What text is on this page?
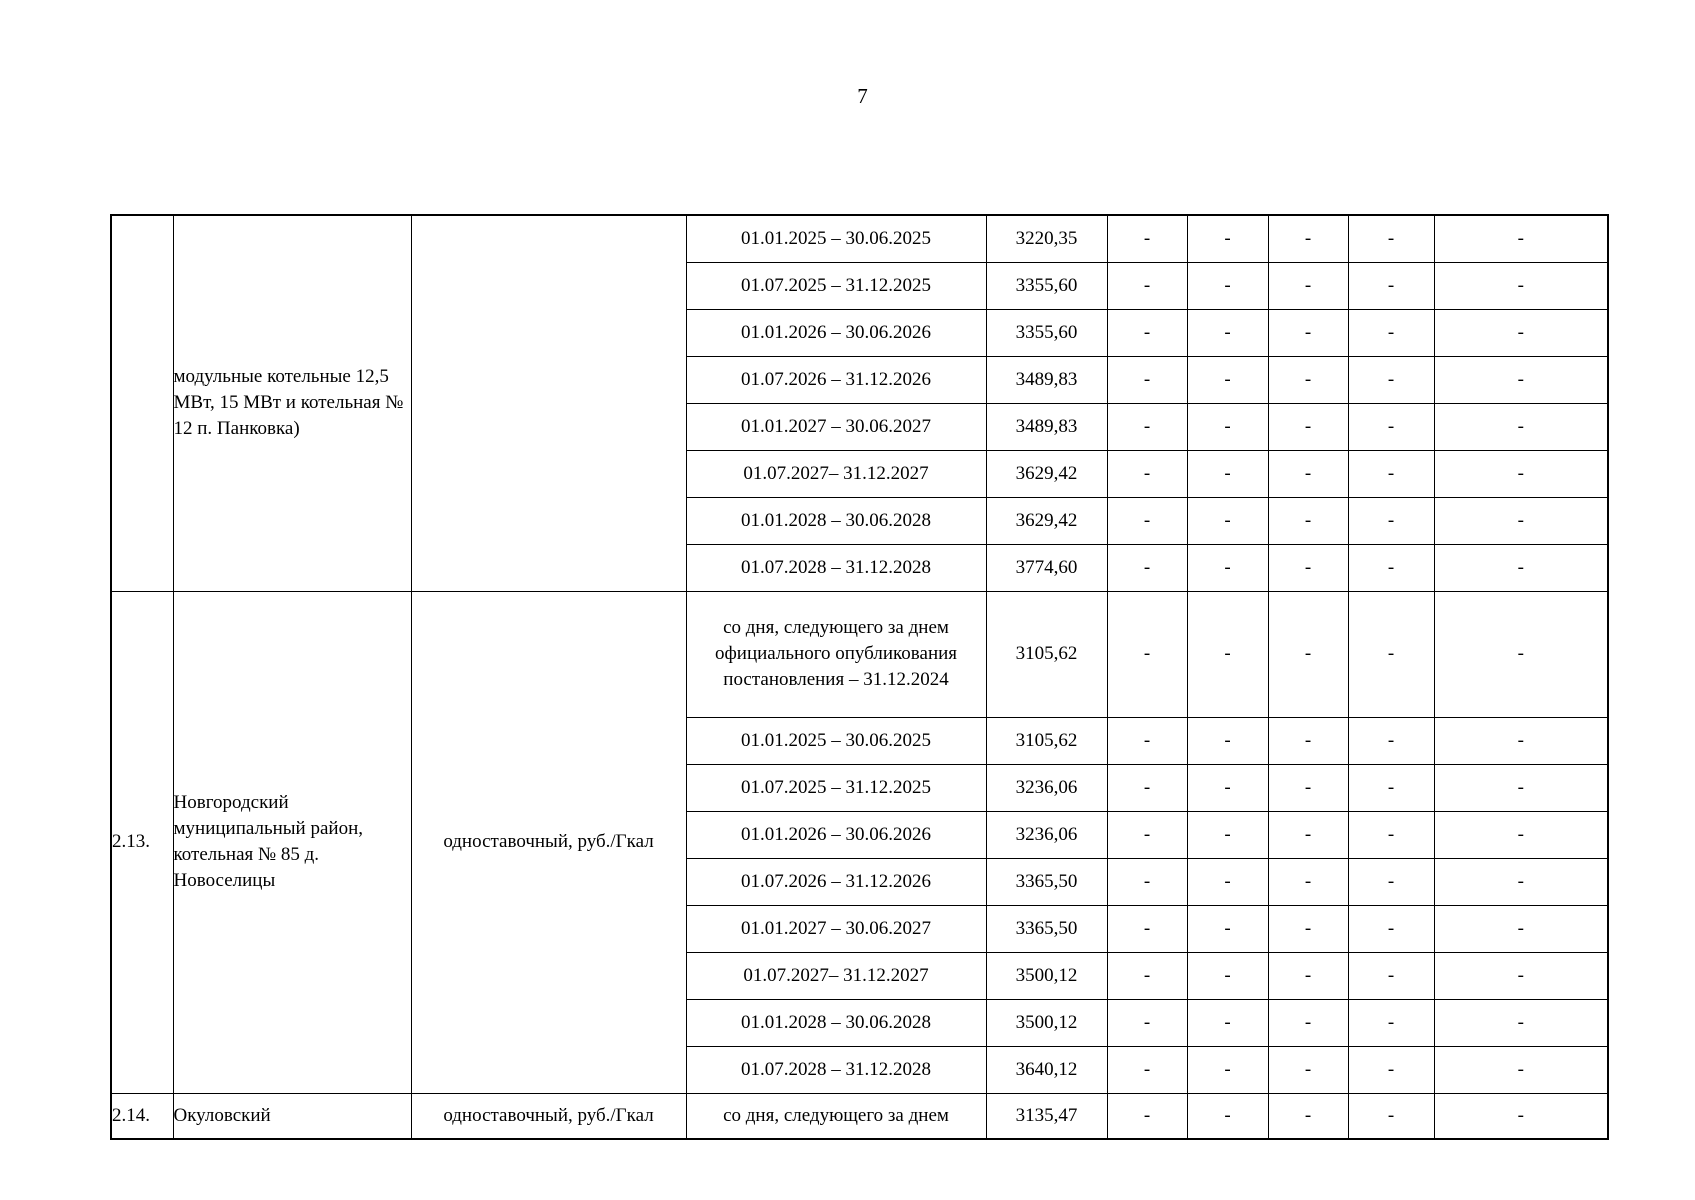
7
	модульные котельные 12,5 МВт, 15 МВт и котельная № 12 п. Панковка)		01.01.2025 – 30.06.2025	3220,35	-	-	-	-	-
			01.07.2025 – 31.12.2025	3355,60	-	-	-	-	-
			01.01.2026 – 30.06.2026	3355,60	-	-	-	-	-
			01.07.2026 – 31.12.2026	3489,83	-	-	-	-	-
			01.01.2027 – 30.06.2027	3489,83	-	-	-	-	-
			01.07.2027– 31.12.2027	3629,42	-	-	-	-	-
			01.01.2028 – 30.06.2028	3629,42	-	-	-	-	-
			01.07.2028 – 31.12.2028	3774,60	-	-	-	-	-
2.13.	Новгородский муниципальный район, котельная № 85 д. Новоселицы	одноставочный, руб./Гкал	со дня, следующего за днем официального опубликования постановления – 31.12.2024	3105,62	-	-	-	-	-
			01.01.2025 – 30.06.2025	3105,62	-	-	-	-	-
			01.07.2025 – 31.12.2025	3236,06	-	-	-	-	-
			01.01.2026 – 30.06.2026	3236,06	-	-	-	-	-
			01.07.2026 – 31.12.2026	3365,50	-	-	-	-	-
			01.01.2027 – 30.06.2027	3365,50	-	-	-	-	-
			01.07.2027– 31.12.2027	3500,12	-	-	-	-	-
			01.01.2028 – 30.06.2028	3500,12	-	-	-	-	-
			01.07.2028 – 31.12.2028	3640,12	-	-	-	-	-
2.14.	Окуловский	одноставочный, руб./Гкал	со дня, следующего за днем	3135,47	-	-	-	-	-
